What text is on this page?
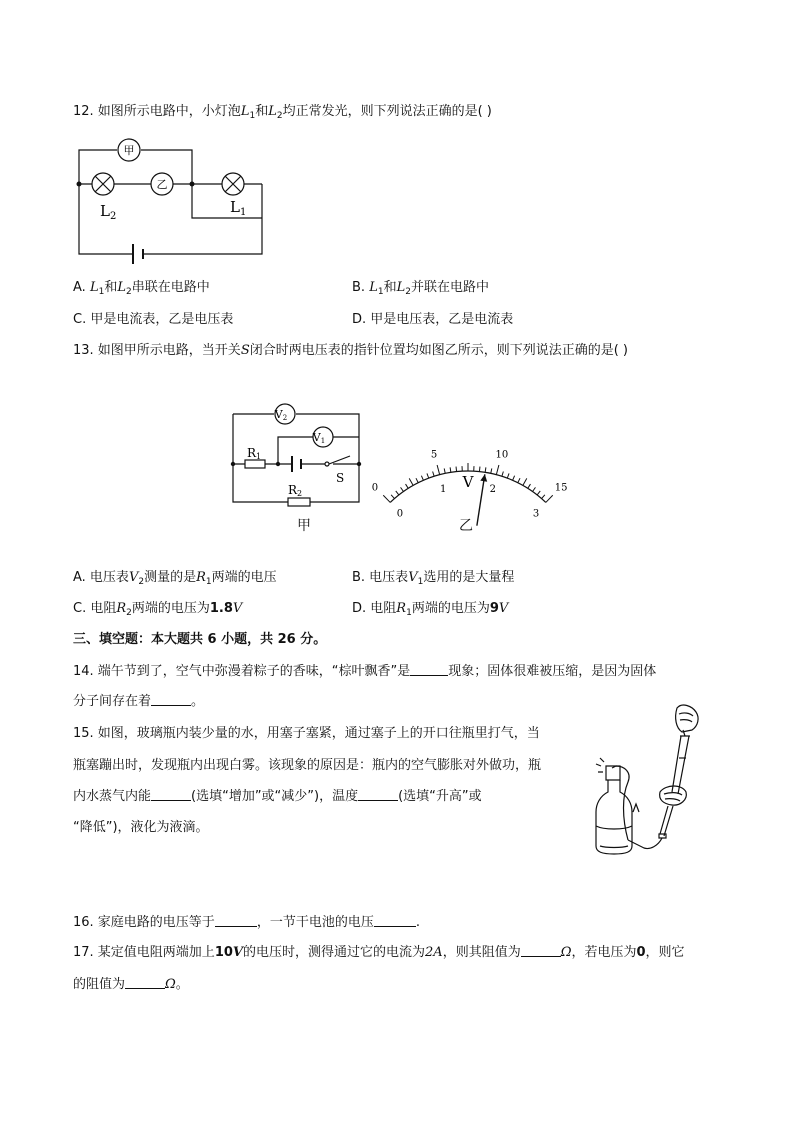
12. 如图所示电路中，小灯泡$L_1$和$L_2$均正常发光，则下列说法正确的是( )
甲
乙
$L_2$
$L_1$
A. $L_1$和$L_2$串联在电路中	B. $L_1$和$L_2$并联在电路中
C. 甲是电流表，乙是电压表	D. 甲是电压表，乙是电流表
13. 如图甲所示电路，当开关S闭合时两电压表的指针位置均如图乙所示，则下列说法正确的是( )
V2
V1
R1
R2
S
甲
0
5	10
15
0
1	2
3
V
乙
A. 电压表$V_2$测量的是$R_1$两端的电压	B. 电压表$V_1$选用的是大量程
C. 电阻$R_2$两端的电压为1.8V	D. 电阻$R_1$两端的电压为9V
三、填空题：本大题共 6 小题，共 26 分。
14. 端午节到了，空气中弥漫着粽子的香味，“棕叶飘香”是	现象；固体很难被压缩，是因为固体
分子间存在着	。
15. 如图，玻璃瓶内装少量的水，用塞子塞紧，通过塞子上的开口往瓶里打气，当
瓶塞蹦出时，发现瓶内出现白雾。该现象的原因是：瓶内的空气膨胀对外做功，瓶
内水蒸气内能	(选填“增加”或“减少”)，温度	(选填“升高”或
“降低”)，液化为液滴。
16. 家庭电路的电压等于	，一节干电池的电压	.
17. 某定值电阻两端加上10V的电压时，测得通过它的电流为2A，则其阻值为	Ω，若电压为0，则它
的阻值为	Ω。
